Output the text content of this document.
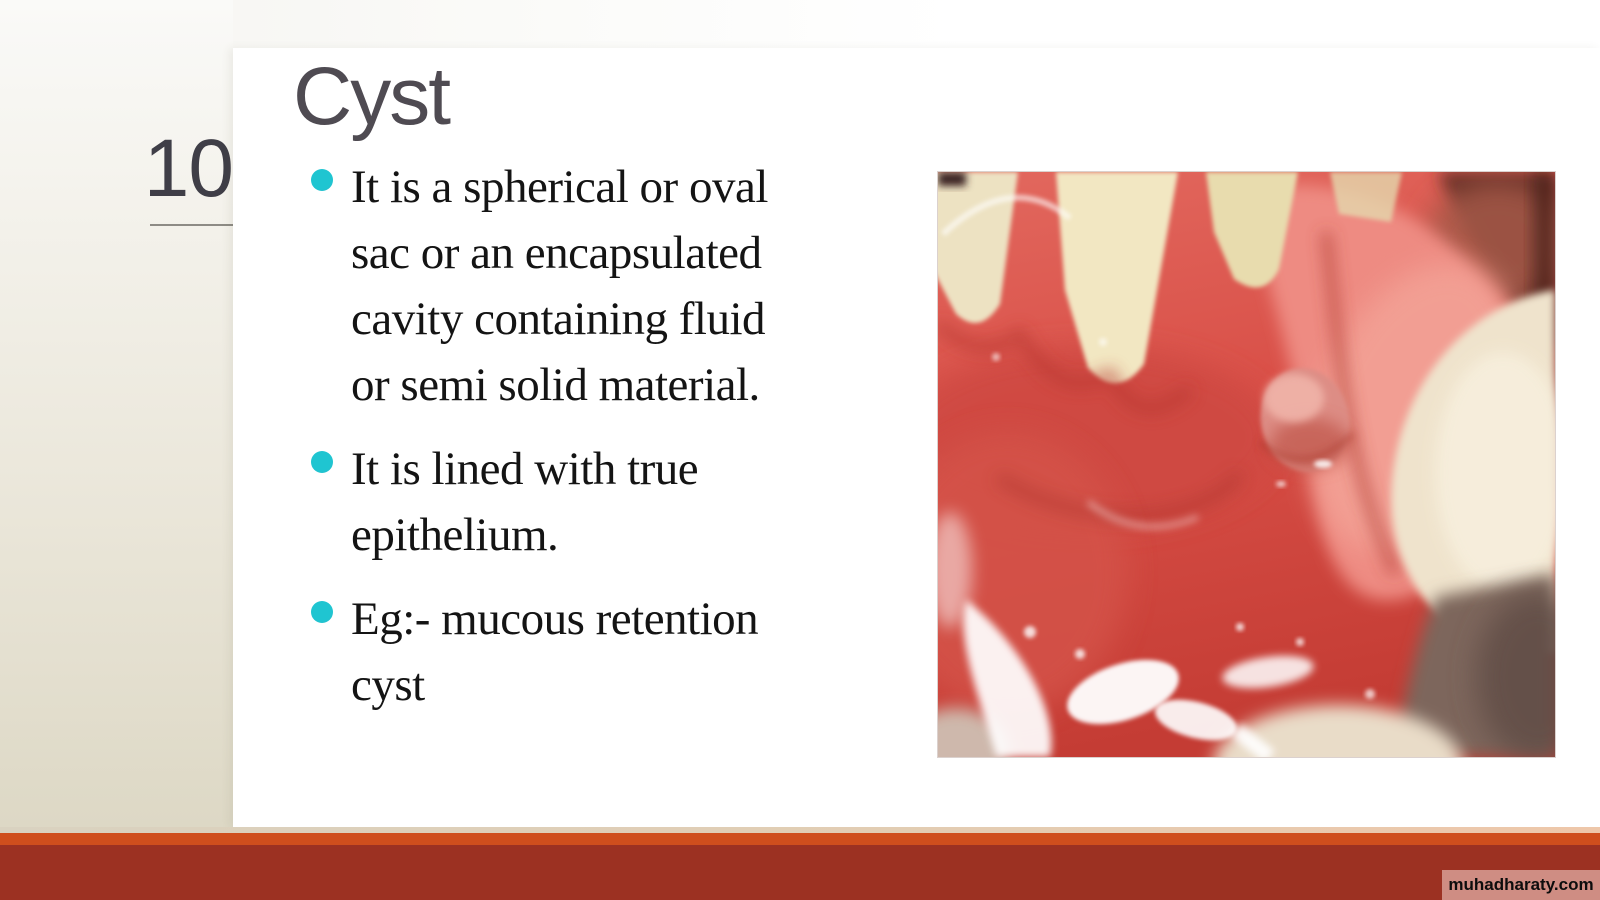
10
Cyst
It is a spherical or oval
sac or an encapsulated
cavity containing fluid
or semi solid material.
It is lined with true
epithelium.
Eg:- mucous retention
cyst
muhadharaty.com
